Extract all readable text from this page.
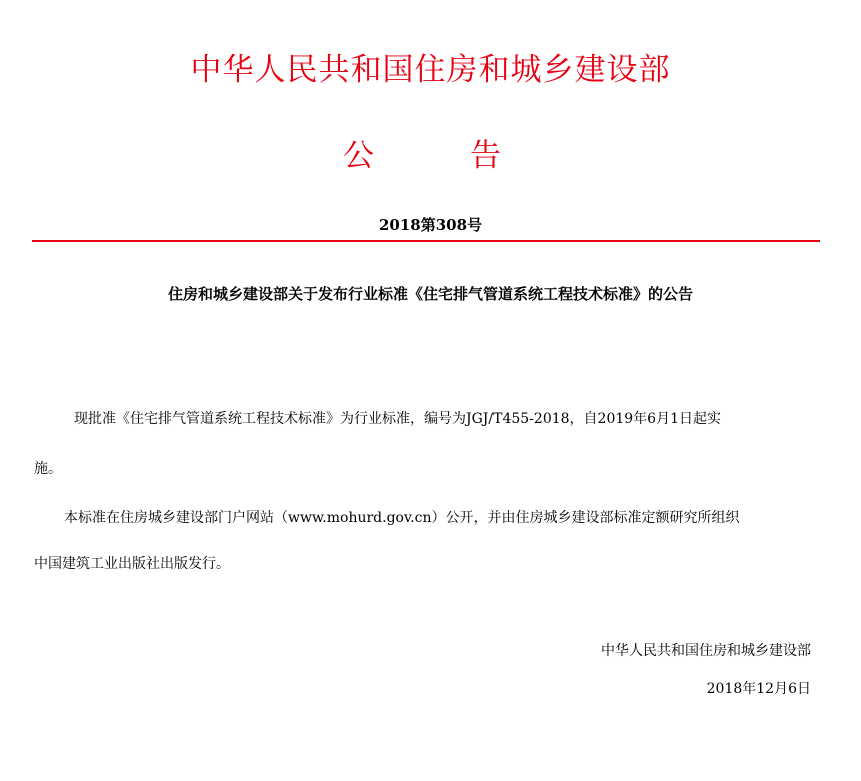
中华人民共和国住房和城乡建设部
公	告
2018第308号
住房和城乡建设部关于发布行业标准《住宅排气管道系统工程技术标准》的公告
现批准《住宅排气管道系统工程技术标准》为行业标准，编号为JGJ/T455-2018，自2019年6月1日起实
施。
本标准在住房城乡建设部门户网站（www.mohurd.gov.cn）公开，并由住房城乡建设部标准定额研究所组织
中国建筑工业出版社出版发行。
中华人民共和国住房和城乡建设部
2018年12月6日
